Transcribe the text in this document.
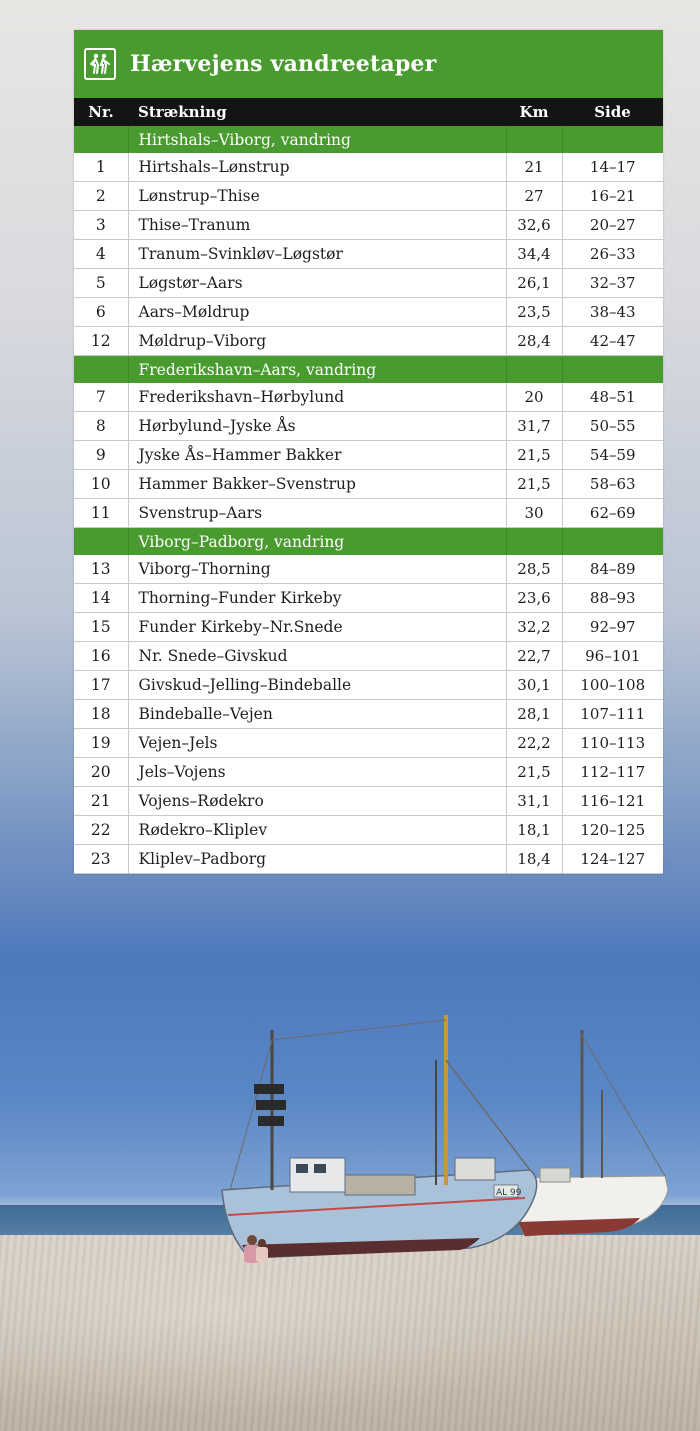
AL 99
Hærvejens vandreetaper
Nr.	Strækning	Km	Side
	Hirtshals–Viborg, vandring		
1	Hirtshals–Lønstrup	21	14–17
2	Lønstrup–Thise	27	16–21
3	Thise–Tranum	32,6	20–27
4	Tranum–Svinkløv–Løgstør	34,4	26–33
5	Løgstør–Aars	26,1	32–37
6	Aars–Møldrup	23,5	38–43
12	Møldrup–Viborg	28,4	42–47
	Frederikshavn–Aars, vandring		
7	Frederikshavn–Hørbylund	20	48–51
8	Hørbylund–Jyske Ås	31,7	50–55
9	Jyske Ås–Hammer Bakker	21,5	54–59
10	Hammer Bakker–Svenstrup	21,5	58–63
11	Svenstrup–Aars	30	62–69
	Viborg–Padborg, vandring		
13	Viborg–Thorning	28,5	84–89
14	Thorning–Funder Kirkeby	23,6	88–93
15	Funder Kirkeby–Nr.Snede	32,2	92–97
16	Nr. Snede–Givskud	22,7	96–101
17	Givskud–Jelling–Bindeballe	30,1	100–108
18	Bindeballe–Vejen	28,1	107–111
19	Vejen–Jels	22,2	110–113
20	Jels–Vojens	21,5	112–117
21	Vojens–Rødekro	31,1	116–121
22	Rødekro–Kliplev	18,1	120–125
23	Kliplev–Padborg	18,4	124–127
